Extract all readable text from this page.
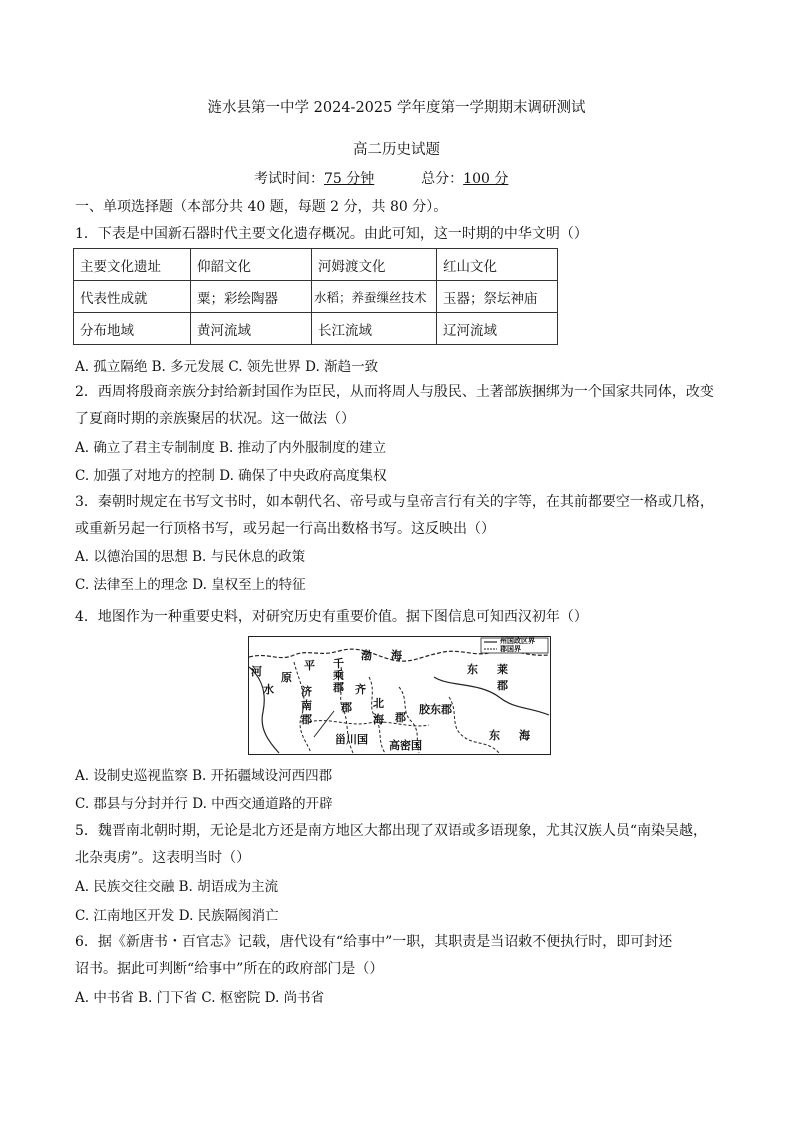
涟水县第一中学 2024-2025 学年度第一学期期末调研测试
高二历史试题
考试时间：75 分钟	总分：100 分
一、单项选择题（本部分共 40 题，每题 2 分，共 80 分）。
1．下表是中国新石器时代主要文化遗存概况。由此可知，这一时期的中华文明（）
主要文化遗址	仰韶文化	河姆渡文化	红山文化
代表性成就	粟；彩绘陶器	水稻；养蚕缫丝技术	玉器；祭坛神庙
分布地域	黄河流域	长江流域	辽河流域
A. 孤立隔绝 B. 多元发展 C. 领先世界 D. 渐趋一致
2．西周将殷商亲族分封给新封国作为臣民，从而将周人与殷民、土著部族捆绑为一个国家共同体，改变
了夏商时期的亲族聚居的状况。这一做法（）
A. 确立了君主专制制度 B. 推动了内外服制度的建立
C. 加强了对地方的控制 D. 确保了中央政府高度集权
3．秦朝时规定在书写文书时，如本朝代名、帝号或与皇帝言行有关的字等，在其前都要空一格或几格，
或重新另起一行顶格书写，或另起一行高出数格书写。这反映出（）
A. 以德治国的思想 B. 与民休息的政策
C. 法律至上的理念 D. 皇权至上的特征
4．地图作为一种重要史料，对研究历史有重要价值。据下图信息可知西汉初年（）
州国政区界
郡国界
河
水
平
原
千
乘
郡
渤 海
东 莱
郡
济
南
郡
齐
郡 北
海 郡
胶东郡
甾川国 高密国
东 海
A. 设制史巡视监察 B. 开拓疆域设河西四郡
C. 郡县与分封并行 D. 中西交通道路的开辟
5．魏晋南北朝时期，无论是北方还是南方地区大都出现了双语或多语现象，尤其汉族人员“南染吴越，
北杂夷虏”。这表明当时（）
A. 民族交往交融 B. 胡语成为主流
C. 江南地区开发 D. 民族隔阂消亡
6．据《新唐书・百官志》记载，唐代设有“给事中”一职，其职责是当诏敕不便执行时，即可封还
诏书。据此可判断“给事中”所在的政府部门是（）
A. 中书省 B. 门下省 C. 枢密院 D. 尚书省
